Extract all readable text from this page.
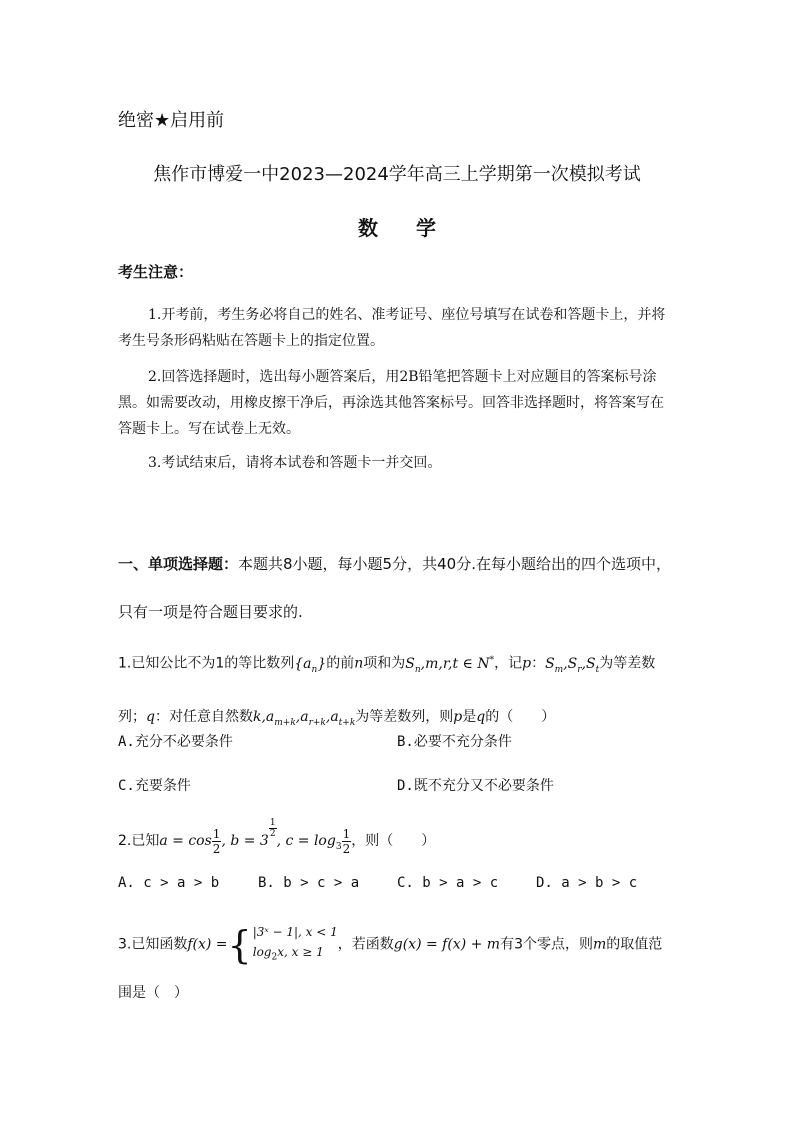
绝密★启用前
焦作市博爱一中2023—2024学年高三上学期第一次模拟考试
数学
考生注意：
1.开考前，考生务必将自己的姓名、准考证号、座位号填写在试卷和答题卡上，并将考生号条形码粘贴在答题卡上的指定位置。
2.回答选择题时，选出每小题答案后，用2B铅笔把答题卡上对应题目的答案标号涂黑。如需要改动，用橡皮擦干净后，再涂选其他答案标号。回答非选择题时，将答案写在答题卡上。写在试卷上无效。
3.考试结束后，请将本试卷和答题卡一并交回。
一、单项选择题：本题共8小题，每小题5分，共40分.在每小题给出的四个选项中，只有一项是符合题目要求的.
1.已知公比不为1的等比数列$\{a_n\}$的前n项和为$S_n,m,r,t$ ∈ N*，记p：$S_m,S_r,S_t$为等差数列；q：对任意自然数$k,a_{m+k},a_{r+k},a_{t+k}$为等差数列，则p是q的（　　）
A.充分不必要条件	B.必要不充分条件
C.充要条件	D.既不充分又不必要条件
2.已知$a = \cos \frac{1}{2}$ , b = 3
$\frac{1}{2}$
, $c = \log_3 \frac{1}{2}$ ，则（　　）
A. c > a > b	B. b > c > a	C. b > a > c	D. a > b > c
3.已知函数f(x) = { |3ˣ − 1|, x < 1
$\log_2x$, x ≥ 1	，若函数g(x) = f(x) + m有3个零点，则m的取值范
围是（　）
